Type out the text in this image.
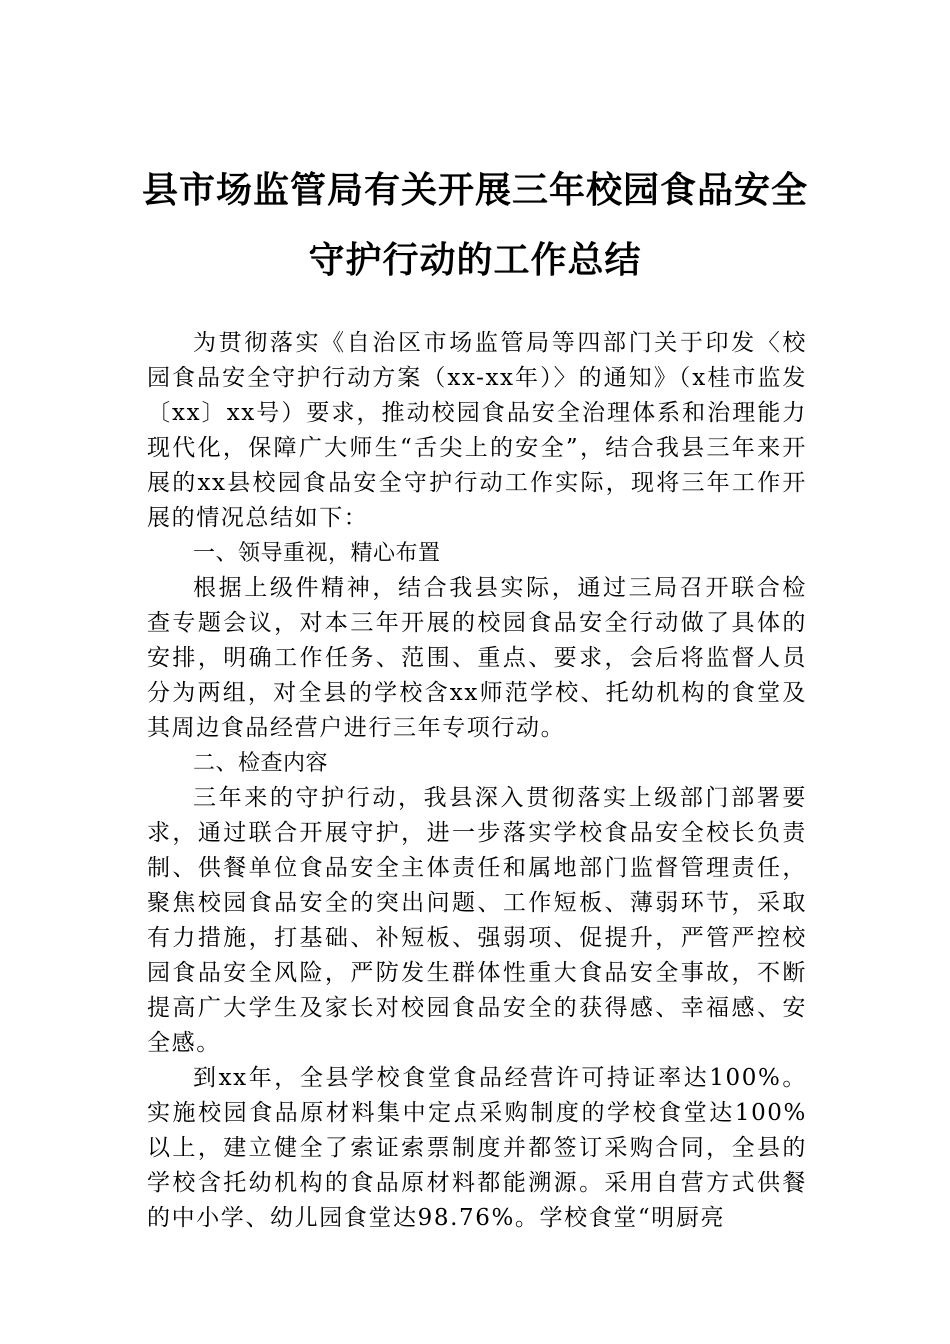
县市场监管局有关开展三年校园食品安全
守护行动的工作总结

为贯彻落实《自治区市场监管局等四部门关于印发〈校园食品安全守护行动方案（xx-xx年）〉的通知》（x桂市监发〔xx〕xx号）要求，推动校园食品安全治理体系和治理能力现代化，保障广大师生“舌尖上的安全”，结合我县三年来开展的xx县校园食品安全守护行动工作实际，现将三年工作开展的情况总结如下：

一、领导重视，精心布置

根据上级件精神，结合我县实际，通过三局召开联合检查专题会议，对本三年开展的校园食品安全行动做了具体的安排，明确工作任务、范围、重点、要求，会后将监督人员分为两组，对全县的学校含xx师范学校、托幼机构的食堂及其周边食品经营户进行三年专项行动。

二、检查内容

三年来的守护行动，我县深入贯彻落实上级部门部署要求，通过联合开展守护，进一步落实学校食品安全校长负责制、供餐单位食品安全主体责任和属地部门监督管理责任，聚焦校园食品安全的突出问题、工作短板、薄弱环节，采取有力措施，打基础、补短板、强弱项、促提升，严管严控校园食品安全风险，严防发生群体性重大食品安全事故，不断提高广大学生及家长对校园食品安全的获得感、幸福感、安全感。

到xx年，全县学校食堂食品经营许可持证率达100%。实施校园食品原材料集中定点采购制度的学校食堂达100%以上，建立健全了索证索票制度并都签订采购合同，全县的学校含托幼机构的食品原材料都能溯源。采用自营方式供餐的中小学、幼儿园食堂达98.76%。学校食堂“明厨亮
